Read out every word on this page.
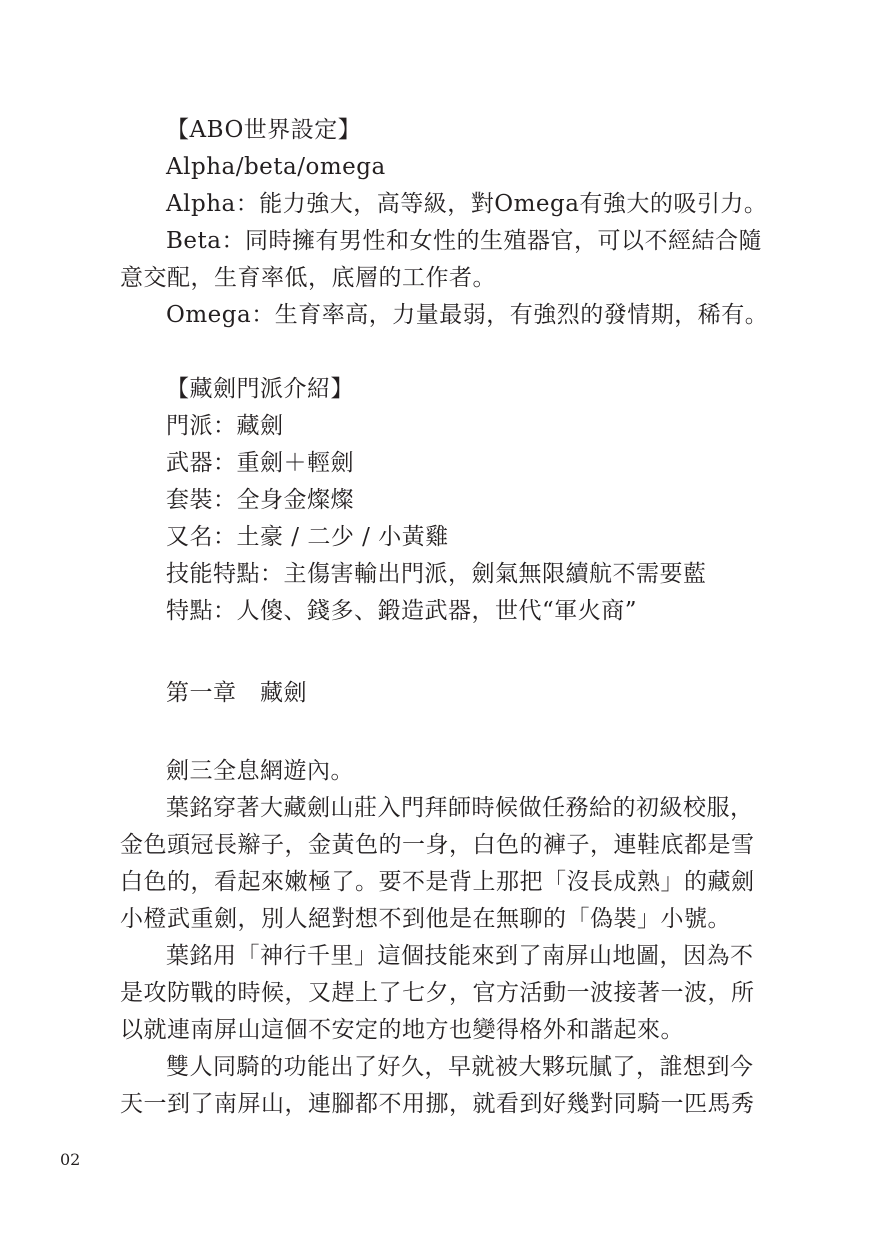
【ABO世界設定】
Alpha/beta/omega
Alpha：能力強大，高等級，對Omega有強大的吸引力。
Beta：同時擁有男性和女性的生殖器官，可以不經結合隨
意交配，生育率低，底層的工作者。
Omega：生育率高，力量最弱，有強烈的發情期，稀有。
【藏劍門派介紹】
門派：藏劍
武器：重劍＋輕劍
套裝：全身金燦燦
又名：土豪 / 二少 / 小黃雞
技能特點：主傷害輸出門派，劍氣無限續航不需要藍
特點：人傻、錢多、鍛造武器，世代“軍火商”
第一章　藏劍
劍三全息網遊內。
葉銘穿著大藏劍山莊入門拜師時候做任務給的初級校服，
金色頭冠長辮子，金黃色的一身，白色的褲子，連鞋底都是雪
白色的，看起來嫩極了。要不是背上那把「沒長成熟」的藏劍
小橙武重劍，別人絕對想不到他是在無聊的「偽裝」小號。
葉銘用「神行千里」這個技能來到了南屏山地圖，因為不
是攻防戰的時候，又趕上了七夕，官方活動一波接著一波，所
以就連南屏山這個不安定的地方也變得格外和諧起來。
雙人同騎的功能出了好久，早就被大夥玩膩了，誰想到今
天一到了南屏山，連腳都不用挪，就看到好幾對同騎一匹馬秀
02
